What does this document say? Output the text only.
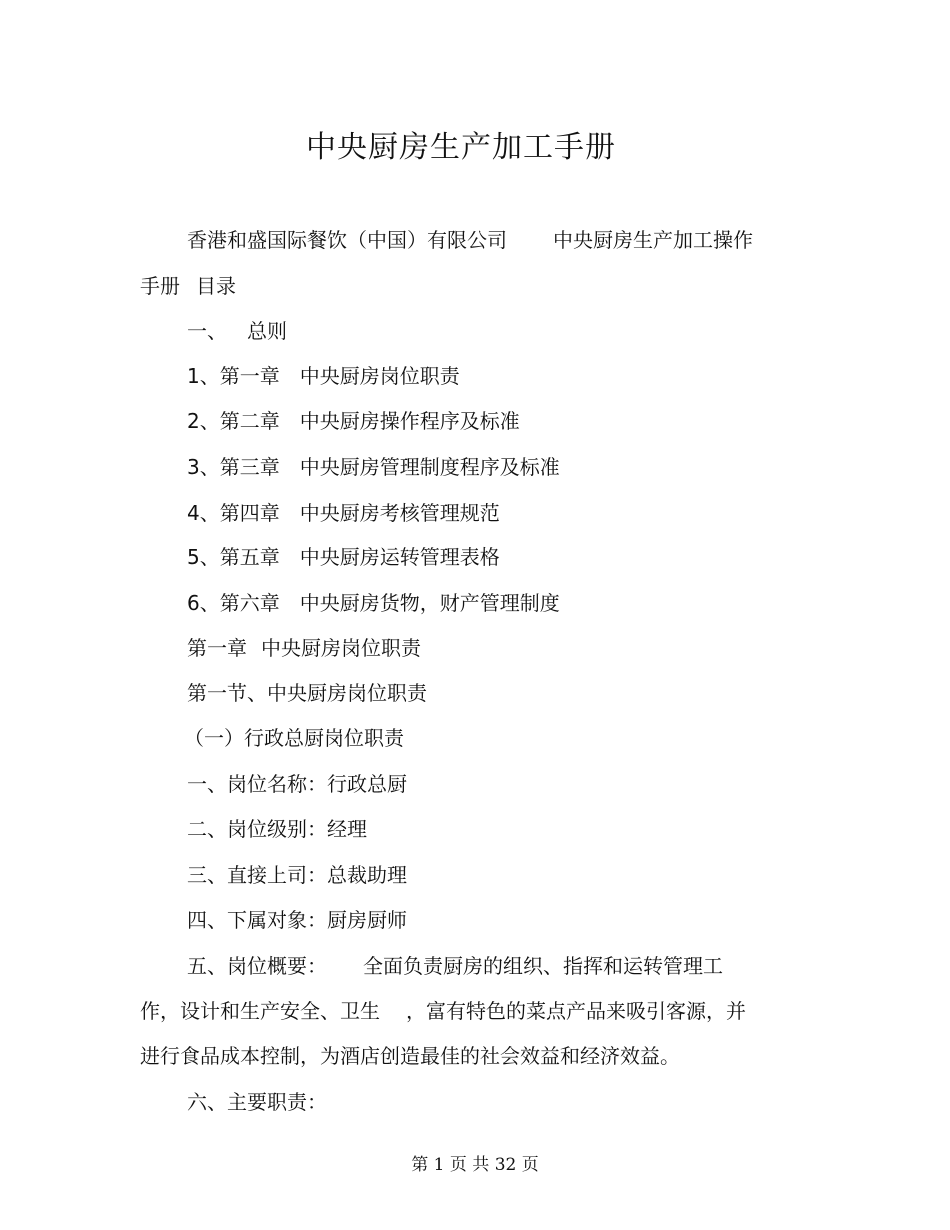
中央厨房生产加工手册
香港和盛国际餐饮（中国）有限公司 中央厨房生产加工操作
手册 目录
一、 总则
1、第一章 中央厨房岗位职责
2、第二章 中央厨房操作程序及标准
3、第三章 中央厨房管理制度程序及标准
4、第四章 中央厨房考核管理规范
5、第五章 中央厨房运转管理表格
6、第六章 中央厨房货物，财产管理制度
第一章 中央厨房岗位职责
第一节、中央厨房岗位职责
（一）行政总厨岗位职责
一、岗位名称：行政总厨
二、岗位级别：经理
三、直接上司：总裁助理
四、下属对象：厨房厨师
五、岗位概要： 全面负责厨房的组织、指挥和运转管理工
作，设计和生产安全、卫生 ，富有特色的菜点产品来吸引客源，并
进行食品成本控制，为酒店创造最佳的社会效益和经济效益。
六、主要职责：
第 1 页 共 32 页
